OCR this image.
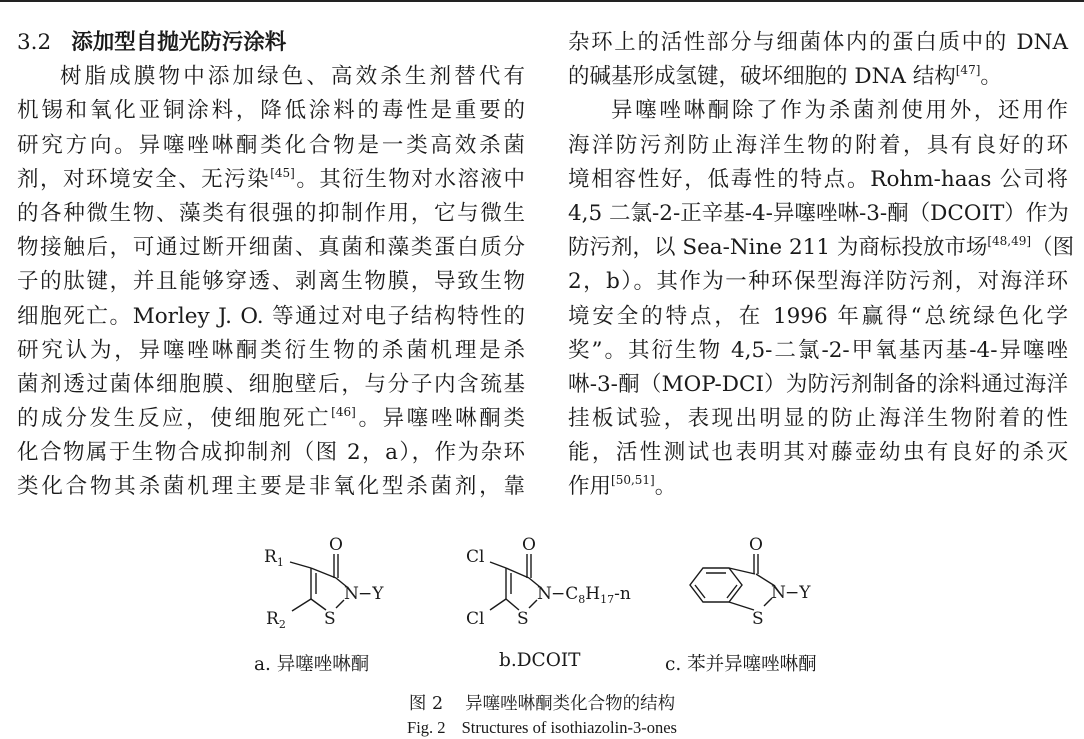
3.2 添加型自抛光防污涂料
树脂成膜物中添加绿色、高效杀生剂替代有
机锡和氧化亚铜涂料，降低涂料的毒性是重要的
研究方向。异噻唑啉酮类化合物是一类高效杀菌
剂，对环境安全、无污染[45]。其衍生物对水溶液中
的各种微生物、藻类有很强的抑制作用，它与微生
物接触后，可通过断开细菌、真菌和藻类蛋白质分
子的肽键，并且能够穿透、剥离生物膜，导致生物
细胞死亡。Morley J. O. 等通过对电子结构特性的
研究认为，异噻唑啉酮类衍生物的杀菌机理是杀
菌剂透过菌体细胞膜、细胞壁后，与分子内含巯基
的成分发生反应，使细胞死亡[46]。异噻唑啉酮类
化合物属于生物合成抑制剂（图 2，a），作为杂环
类化合物其杀菌机理主要是非氧化型杀菌剂，靠
杂环上的活性部分与细菌体内的蛋白质中的 DNA
的碱基形成氢键，破坏细胞的 DNA 结构[47]。
异噻唑啉酮除了作为杀菌剂使用外，还用作
海洋防污剂防止海洋生物的附着，具有良好的环
境相容性好，低毒性的特点。Rohm-haas 公司将
4,5 二氯-2-正辛基-4-异噻唑啉-3-酮（DCOIT）作为
防污剂，以 Sea-Nine 211 为商标投放市场[48,49]（图
2，b）。其作为一种环保型海洋防污剂，对海洋环
境安全的特点，在 1996 年赢得“总统绿色化学
奖”。其衍生物 4,5-二氯-2-甲氧基丙基-4-异噻唑
啉-3-酮（MOP-DCI）为防污剂制备的涂料通过海洋
挂板试验，表现出明显的防止海洋生物附着的性
能，活性测试也表明其对藤壶幼虫有良好的杀灭
作用[50,51]。
O
$R_1$
N −Y
S
$R_2$
O
Cl
$N -C_8H_{17}-n$
S
Cl
O
N −Y
S
a. 异噻唑啉酮	b.DCOIT	c. 苯并异噻唑啉酮
图 2 异噻唑啉酮类化合物的结构
Fig. 2 Structures of isothiazolin-3-ones
